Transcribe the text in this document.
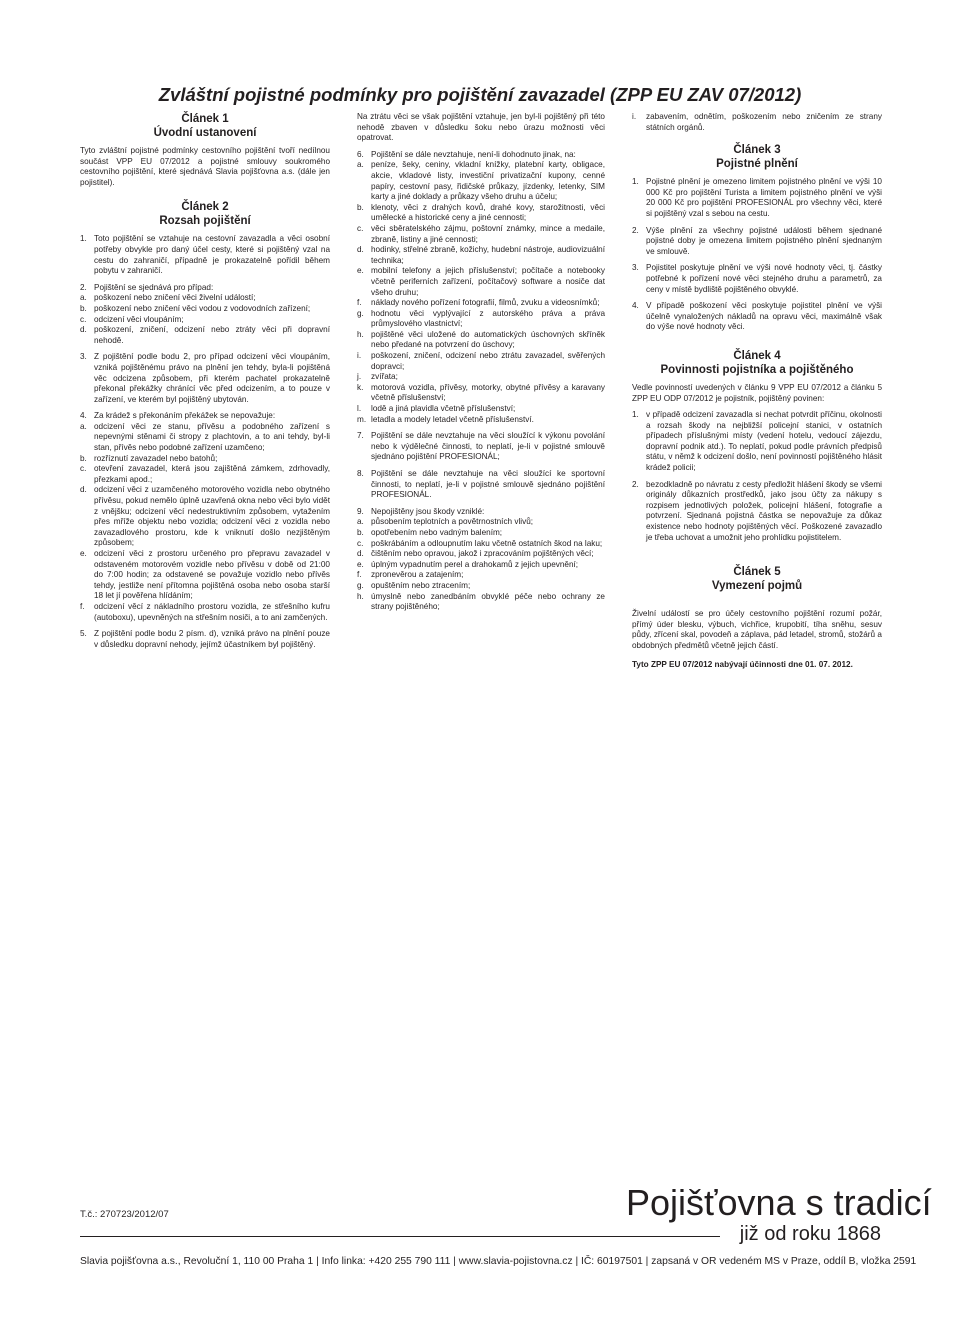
Zvláštní pojistné podmínky pro pojištění zavazadel (ZPP EU ZAV 07/2012)
Článek 1
Úvodní ustanovení

Tyto zvláštní pojistné podmínky cestovního pojištění tvoří nedílnou součást VPP EU 07/2012 a pojistné smlouvy soukromého cestovního pojištění, které sjednává Slavia pojišťovna a.s. (dále jen pojistitel).

Článek 2
Rozsah pojištění
1. Toto pojištění se vztahuje na cestovní zavazadla a věci osobní potřeby obvykle pro daný účel cesty, které si pojištěný vzal na cestu do zahraničí, případně je prokazatelně pořídil během pobytu v zahraničí.
2. Pojištění se sjednává pro případ:
a. poškození nebo zničení věci živelní událostí;
b. poškození nebo zničení věci vodou z vodovodních zařízení;
c. odcizení věci vloupáním;
d. poškození, zničení, odcizení nebo ztráty věci při dopravní nehodě.
3. Z pojištění podle bodu 2, pro případ odcizení věci vloupáním, vzniká pojištěnému právo na plnění jen tehdy, byla-li pojištěná věc odcizena způsobem, při kterém pachatel prokazatelně překonal překážky chránící věc před odcizením, a to pouze v zařízení, ve kterém byl pojištěný ubytován.
4. Za krádež s překonáním překážek se nepovažuje:
a. odcizení věci ze stanu, přívěsu a podobného zařízení s nepevnými stěnami či stropy z plachtovin, a to ani tehdy, byl-li stan, přívěs nebo podobné zařízení uzamčeno;
b. rozříznutí zavazadel nebo batohů;
c. otevření zavazadel, která jsou zajištěná zámkem, zdrhovadly, přezkami apod.;
d. odcizení věci z uzamčeného motorového vozidla nebo obytného přívěsu, pokud nemělo úplně uzavřená okna nebo věci bylo vidět z vnějšku; odcizení věcí nedestruktivním způsobem, vytažením přes mříže objektu nebo vozidla; odcizení věci z vozidla nebo zavazadlového prostoru, kde k vniknutí došlo nezjištěným způsobem;
e. odcizení věci z prostoru určeného pro přepravu zavazadel v odstaveném motorovém vozidle nebo přívěsu v době od 21:00 do 7:00 hodin; za odstavené se považuje vozidlo nebo přívěs tehdy, jestliže není přítomna pojištěná osoba nebo osoba starší 18 let jí pověřena hlídáním;
f. odcizení věcí z nákladního prostoru vozidla, ze střešního kufru (autoboxu), upevněných na střešním nosiči, a to ani zamčených.
5. Z pojištění podle bodu 2 písm. d), vzniká právo na plnění pouze v důsledku dopravní nehody, jejímž účastníkem byl pojištěný.

Na ztrátu věci se však pojištění vztahuje, jen byl-li pojištěný při této nehodě zbaven v důsledku šoku nebo úrazu možnosti věci opatrovat.

6. Pojištění se dále nevztahuje, není-li dohodnuto jinak, na:
a. peníze, šeky, ceniny, vkladní knížky, platební karty, obligace, akcie, vkladové listy, investiční privatizační kupony, cenné papíry, cestovní pasy, řidičské průkazy, jízdenky, letenky, SIM karty a jiné doklady a průkazy všeho druhu a účelu;
b. klenoty, věci z drahých kovů, drahé kovy, starožitnosti, věci umělecké a historické ceny a jiné cennosti;
c. věci sběratelského zájmu, poštovní známky, mince a medaile, zbraně, listiny a jiné cennosti;
d. hodinky, střelné zbraně, kožichy, hudební nástroje, audiovizuální technika;
e. mobilní telefony a jejich příslušenství; počítače a notebooky včetně periferních zařízení, počítačový software a nosiče dat všeho druhu;
f. náklady nového pořízení fotografií, filmů, zvuku a videosnímků;
g. hodnotu věci vyplývající z autorského práva a práva průmyslového vlastnictví;
h. pojištěné věci uložené do automatických úschovných skříněk nebo předané na potvrzení do úschovy;
i. poškození, zničení, odcizení nebo ztrátu zavazadel, svěřených dopravci;
j. zvířata;
k. motorová vozidla, přívěsy, motorky, obytné přívěsy a karavany včetně příslušenství;
l. lodě a jiná plavidla včetně příslušenství;
m. letadla a modely letadel včetně příslušenství.
7. Pojištění se dále nevztahuje na věci sloužící k výkonu povolání nebo k výdělečné činnosti, to neplatí, je-li v pojistné smlouvě sjednáno pojištění PROFESIONÁL;
8. Pojištění se dále nevztahuje na věci sloužící ke sportovní činnosti, to neplatí, je-li v pojistné smlouvě sjednáno pojištění PROFESIONÁL.
9. Nepojištěny jsou škody vzniklé:
a. působením teplotních a povětrnostních vlivů;
b. opotřebením nebo vadným balením;
c. poškrábáním a odloupnutím laku včetně ostatních škod na laku;
d. čištěním nebo opravou, jakož i zpracováním pojištěných věcí;
e. úplným vypadnutím perel a drahokamů z jejich upevnění;
f. zpronevěrou a zatajením;
g. opuštěním nebo ztracením;
h. úmyslně nebo zanedbáním obvyklé péče nebo ochrany ze strany pojištěného;
i. zabavením, odnětím, poškozením nebo zničením ze strany státních orgánů.
Článek 3
Pojistné plnění
1. Pojistné plnění je omezeno limitem pojistného plnění ve výši 10 000 Kč pro pojištění Turista a limitem pojistného plnění ve výši 20 000 Kč pro pojištění PROFESIONÁL pro všechny věci, které si pojištěný vzal s sebou na cestu.
2. Výše plnění za všechny pojistné události během sjednané pojistné doby je omezena limitem pojistného plnění sjednaným ve smlouvě.
3. Pojistitel poskytuje plnění ve výši nové hodnoty věci, tj. částky potřebné k pořízení nové věci stejného druhu a parametrů, za ceny v místě bydliště pojištěného obvyklé.
4. V případě poškození věci poskytuje pojistitel plnění ve výši účelně vynaložených nákladů na opravu věci, maximálně však do výše nové hodnoty věci.
Článek 4
Povinnosti pojistníka a pojištěného

Vedle povinností uvedených v článku 9 VPP EU 07/2012 a článku 5 ZPP EU ODP 07/2012 je pojistník, pojištěný povinen:

1. v případě odcizení zavazadla si nechat potvrdit příčinu, okolnosti a rozsah škody na nejbližší policejní stanici, v ostatních případech příslušnými místy (vedení hotelu, vedoucí zájezdu, dopravní podnik atd.). To neplatí, pokud podle právních předpisů státu, v němž k odcizení došlo, není povinností pojištěného hlásit krádež policii;
2. bezodkladně po návratu z cesty předložit hlášení škody se všemi originály důkazních prostředků, jako jsou účty za nákupy s rozpisem jednotlivých položek, policejní hlášení, fotografie a potvrzení. Sjednaná pojistná částka se nepovažuje za důkaz existence nebo hodnoty pojištěných věcí. Poškozené zavazadlo je třeba uchovat a umožnit jeho prohlídku pojistitelem.
Článek 5
Vymezení pojmů

Živelní událostí se pro účely cestovního pojištění rozumí požár, přímý úder blesku, výbuch, vichřice, krupobití, tíha sněhu, sesuv půdy, zřícení skal, povodeň a záplava, pád letadel, stromů, stožárů a obdobných předmětů včetně jejich částí.

Tyto ZPP EU 07/2012 nabývají účinnosti dne 01. 07. 2012.

T.č.: 270723/2012/07	Pojišťovna s tradicí
již od roku 1868
Slavia pojišťovna a.s., Revoluční 1, 110 00 Praha 1 | Info linka: +420 255 790 111 | www.slavia-pojistovna.cz | IČ: 60197501 | zapsaná v OR vedeném MS v Praze, oddíl B, vložka 2591
